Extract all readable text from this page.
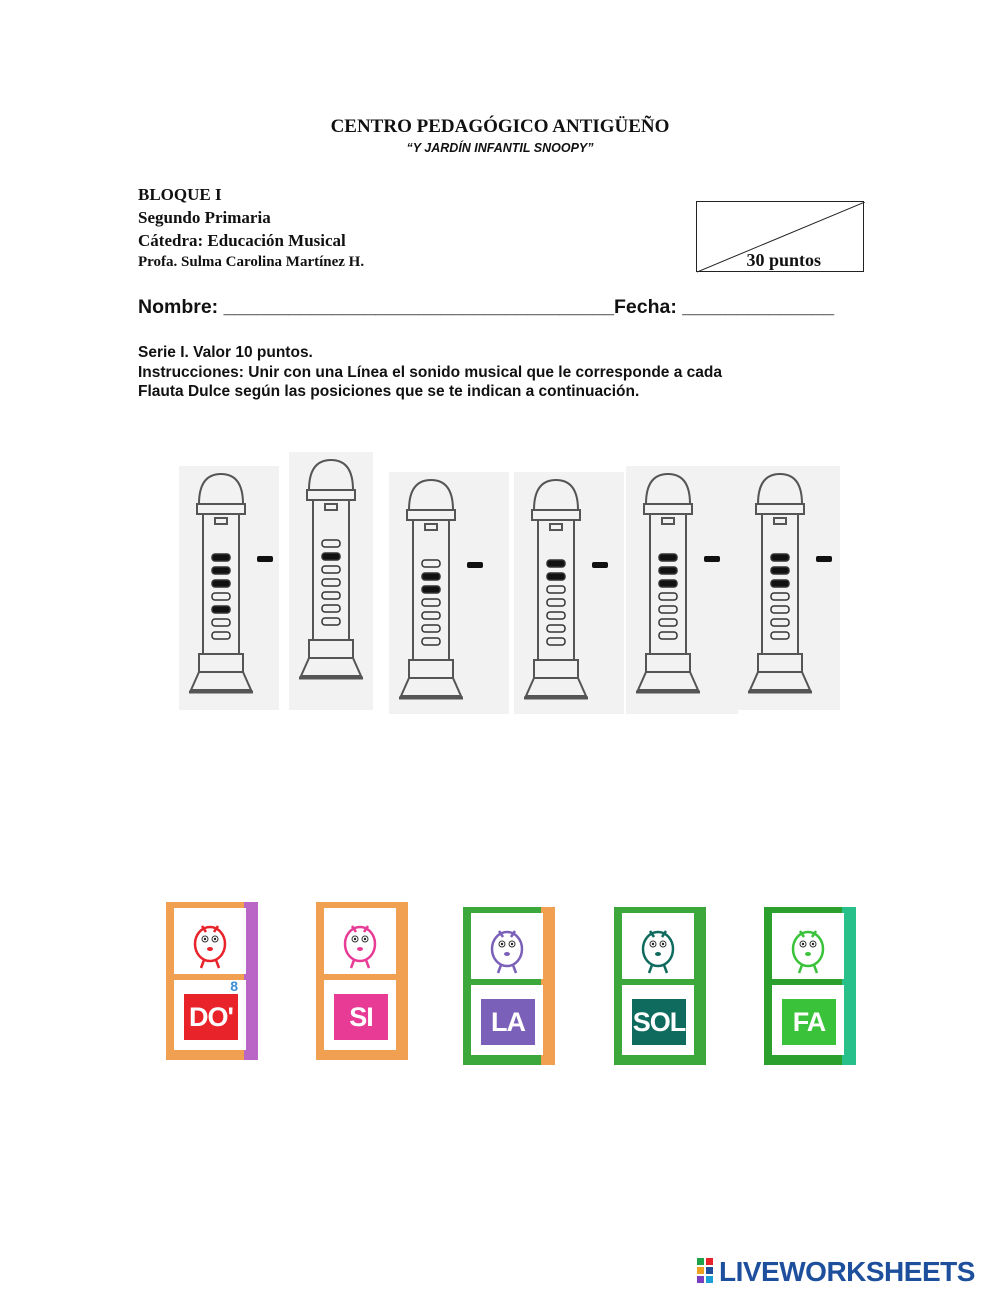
CENTRO PEDAGÓGICO ANTIGÜEÑO
“Y JARDÍN INFANTIL SNOOPY”
BLOQUE I
Segundo Primaria
Cátedra: Educación Musical
Profa. Sulma Carolina Martínez H.	30 puntos
Nombre: ____________________________________Fecha: ______________
Serie I. Valor 10 puntos.
Instrucciones: Unir con una Línea el sonido musical que le corresponde a cada
Flauta Dulce según las posiciones que se te indican a continuación.
DO'
8
SI	LA	SOL	FA
LIVEWORKSHEETS
